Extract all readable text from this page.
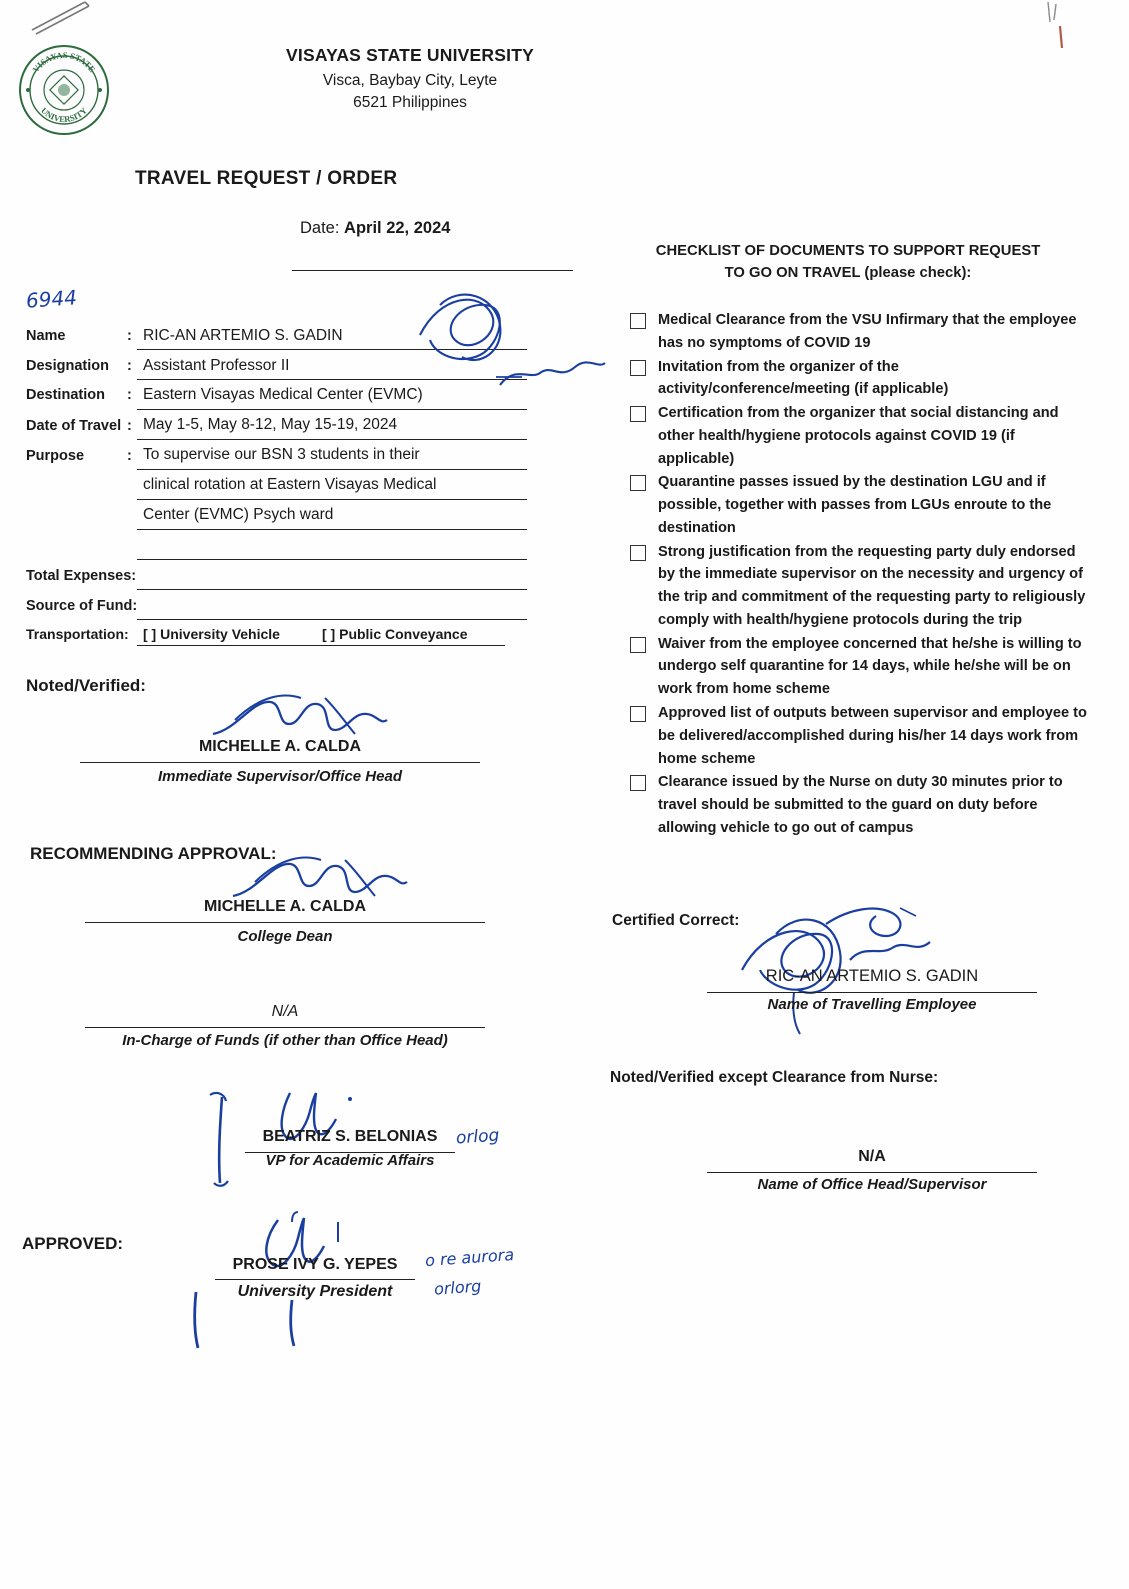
VISAYAS STATE
UNIVERSITY
VISAYAS STATE UNIVERSITY
Visca, Baybay City, Leyte
6521 Philippines
TRAVEL REQUEST / ORDER
Date: April 22, 2024
6944
Name	: RIC-AN ARTEMIO S. GADIN
Designation : Assistant Professor II
Destination : Eastern Visayas Medical Center (EVMC)
Date of Travel : May 1-5, May 8-12, May 15-19, 2024
Purpose	: To supervise our BSN 3 students in their
clinical rotation at Eastern Visayas Medical
Center (EVMC) Psych ward
Total Expenses:
Source of Fund:
Transportation: [ ] University Vehicle	[ ] Public Conveyance
Noted/Verified:
MICHELLE A. CALDA
Immediate Supervisor/Office Head
RECOMMENDING APPROVAL:
MICHELLE A. CALDA
College Dean
N/A
In-Charge of Funds (if other than Office Head)
BEATRIZ S. BELONIAS
VP for Academic Affairs
orlog
APPROVED:
PROSE IVY G. YEPES
University President
o re aurora
orlorg
CHECKLIST OF DOCUMENTS TO SUPPORT REQUEST
TO GO ON TRAVEL (please check):
Medical Clearance from the VSU Infirmary that the employee has no symptoms of COVID 19
Invitation from the organizer of the activity/conference/meeting (if applicable)
Certification from the organizer that social distancing and other health/hygiene protocols against COVID 19 (if applicable)
Quarantine passes issued by the destination LGU and if possible, together with passes from LGUs enroute to the destination
Strong justification from the requesting party duly endorsed by the immediate supervisor on the necessity and urgency of the trip and commitment of the requesting party to religiously comply with health/hygiene protocols during the trip
Waiver from the employee concerned that he/she is willing to undergo self quarantine for 14 days, while he/she will be on work from home scheme
Approved list of outputs between supervisor and employee to be delivered/accomplished during his/her 14 days work from home scheme
Clearance issued by the Nurse on duty 30 minutes prior to travel should be submitted to the guard on duty before allowing vehicle to go out of campus
Certified Correct:
RIC-AN ARTEMIO S. GADIN
Name of Travelling Employee
Noted/Verified except Clearance from Nurse:
N/A
Name of Office Head/Supervisor
